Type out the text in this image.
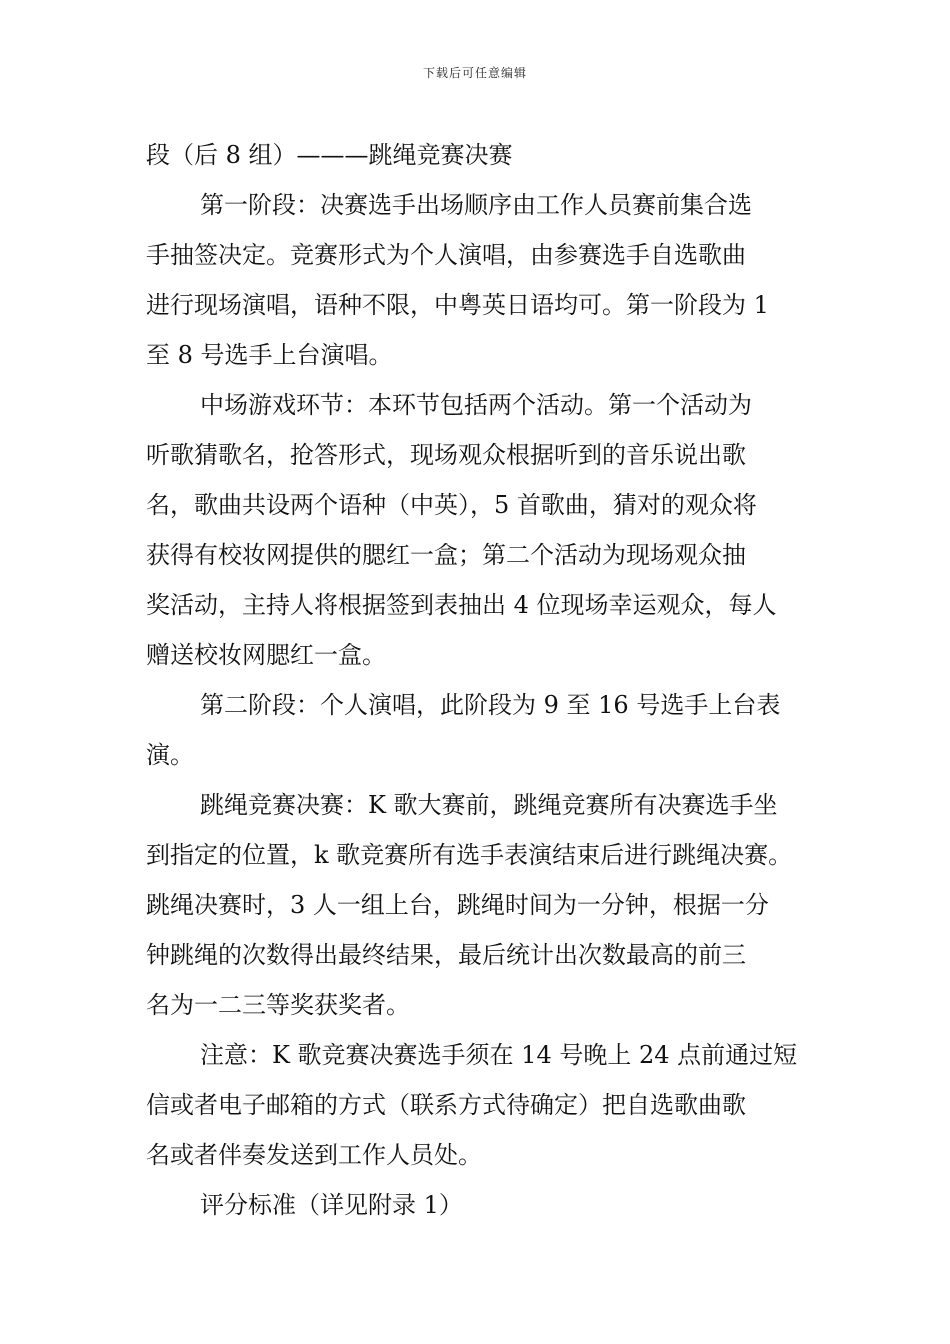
下载后可任意编辑
段（后 8 组）———跳绳竞赛决赛
第一阶段：决赛选手出场顺序由工作人员赛前集合选
手抽签决定。竞赛形式为个人演唱，由参赛选手自选歌曲
进行现场演唱，语种不限，中粤英日语均可。第一阶段为 1
至 8 号选手上台演唱。
中场游戏环节：本环节包括两个活动。第一个活动为
听歌猜歌名，抢答形式，现场观众根据听到的音乐说出歌
名，歌曲共设两个语种（中英），5 首歌曲，猜对的观众将
获得有校妆网提供的腮红一盒；第二个活动为现场观众抽
奖活动，主持人将根据签到表抽出 4 位现场幸运观众，每人
赠送校妆网腮红一盒。
第二阶段：个人演唱，此阶段为 9 至 16 号选手上台表
演。
跳绳竞赛决赛：K 歌大赛前，跳绳竞赛所有决赛选手坐
到指定的位置，k 歌竞赛所有选手表演结束后进行跳绳决赛。
跳绳决赛时，3 人一组上台，跳绳时间为一分钟，根据一分
钟跳绳的次数得出最终结果，最后统计出次数最高的前三
名为一二三等奖获奖者。
注意：K 歌竞赛决赛选手须在 14 号晚上 24 点前通过短
信或者电子邮箱的方式（联系方式待确定）把自选歌曲歌
名或者伴奏发送到工作人员处。
评分标准（详见附录 1）
